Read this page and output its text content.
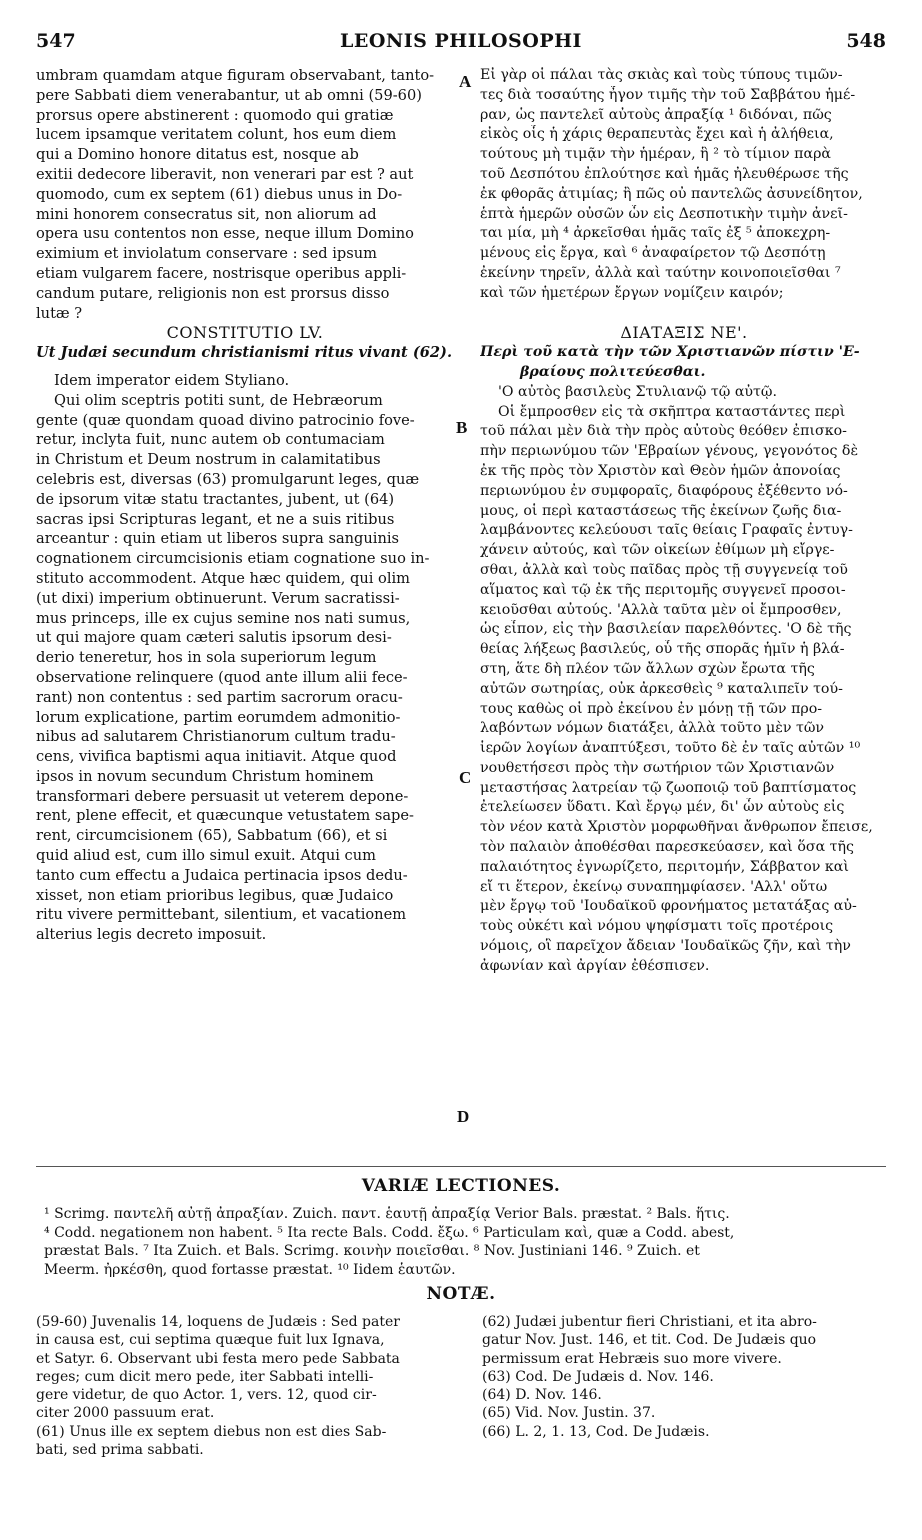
547	LEONIS PHILOSOPHI	548
A
B
C
D
umbram quamdam atque figuram observabant, tanto-
pere Sabbati diem venerabantur, ut ab omni (59-60)
prorsus opere abstinerent : quomodo qui gratiæ
lucem ipsamque veritatem colunt, hos eum diem
qui a Domino honore ditatus est, nosque ab
exitii dedecore liberavit, non venerari par est ? aut
quomodo, cum ex septem (61) diebus unus in Do-
mini honorem consecratus sit, non aliorum ad
opera usu contentos non esse, neque illum Domino
eximium et inviolatum conservare : sed ipsum
etiam vulgarem facere, nostrisque operibus appli-
candum putare, religionis non est prorsus disso
lutæ ?
CONSTITUTIO LV.
Ut Judæi secundum christianismi ritus vivant (62).
Idem imperator eidem Styliano.
Qui olim sceptris potiti sunt, de Hebræorum
gente (quæ quondam quoad divino patrocinio fove-
retur, inclyta fuit, nunc autem ob contumaciam
in Christum et Deum nostrum in calamitatibus
celebris est, diversas (63) promulgarunt leges, quæ
de ipsorum vitæ statu tractantes, jubent, ut (64)
sacras ipsi Scripturas legant, et ne a suis ritibus
arceantur : quin etiam ut liberos supra sanguinis
cognationem circumcisionis etiam cognatione suo in-
stituto accommodent. Atque hæc quidem, qui olim
(ut dixi) imperium obtinuerunt. Verum sacratissi-
mus princeps, ille ex cujus semine nos nati sumus,
ut qui majore quam cæteri salutis ipsorum desi-
derio teneretur, hos in sola superiorum legum
observatione relinquere (quod ante illum alii fece-
rant) non contentus : sed partim sacrorum oracu-
lorum explicatione, partim eorumdem admonitio-
nibus ad salutarem Christianorum cultum tradu-
cens, vivifica baptismi aqua initiavit. Atque quod
ipsos in novum secundum Christum hominem
transformari debere persuasit ut veterem depone-
rent, plene effecit, et quæcunque vetustatem sape-
rent, circumcisionem (65), Sabbatum (66), et si
quid aliud est, cum illo simul exuit. Atqui cum
tanto cum effectu a Judaica pertinacia ipsos dedu-
xisset, non etiam prioribus legibus, quæ Judaico
ritu vivere permittebant, silentium, et vacationem
alterius legis decreto imposuit.
Εἰ γὰρ οἱ πάλαι τὰς σκιὰς καὶ τοὺς τύπους τιμῶν-
τες διὰ τοσαύτης ἦγον τιμῆς τὴν τοῦ Σαββάτου ἡμέ-
ραν, ὡς παντελεῖ αὐτοὺς ἀπραξίᾳ ¹ διδόναι, πῶς
εἰκὸς οἷς ἡ χάρις θεραπευτὰς ἔχει καὶ ἡ ἀλήθεια,
τούτους μὴ τιμᾷν τὴν ἡμέραν, ἣ ² τὸ τίμιον παρὰ
τοῦ Δεσπότου ἐπλούτησε καὶ ἡμᾶς ἠλευθέρωσε τῆς
ἐκ φθορᾶς ἀτιμίας; ἢ πῶς οὐ παντελῶς ἀσυνείδητον,
ἑπτὰ ἡμερῶν οὐσῶν ὧν εἰς Δεσποτικὴν τιμὴν ἀνεῖ-
ται μία, μὴ ⁴ ἀρκεῖσθαι ἡμᾶς ταῖς ἐξ ⁵ ἀποκεχρη-
μένους εἰς ἔργα, καὶ ⁶ ἀναφαίρετον τῷ Δεσπότῃ
ἐκείνην τηρεῖν, ἀλλὰ καὶ ταύτην κοινοποιεῖσθαι ⁷
καὶ τῶν ἡμετέρων ἔργων νομίζειν καιρόν;
ΔΙΑΤΑΞΙΣ ΝΕ'.
Περὶ τοῦ κατὰ τὴν τῶν Χριστιανῶν πίστιν 'Ε-
βραίους πολιτεύεσθαι.
'Ο αὐτὸς βασιλεὺς Στυλιανῷ τῷ αὐτῷ.
Οἱ ἔμπροσθεν εἰς τὰ σκῆπτρα καταστάντες περὶ
τοῦ πάλαι μὲν διὰ τὴν πρὸς αὐτοὺς θεόθεν ἐπισκο-
πὴν περιωνύμου τῶν 'Εβραίων γένους, γεγονότος δὲ
ἐκ τῆς πρὸς τὸν Χριστὸν καὶ Θεὸν ἡμῶν ἀπονοίας
περιωνύμου ἐν συμφοραῖς, διαφόρους ἐξέθεντο νό-
μους, οἱ περὶ καταστάσεως τῆς ἐκείνων ζωῆς δια-
λαμβάνοντες κελεύουσι ταῖς θείαις Γραφαῖς ἐντυγ-
χάνειν αὐτούς, καὶ τῶν οἰκείων ἐθίμων μὴ εἴργε-
σθαι, ἀλλὰ καὶ τοὺς παῖδας πρὸς τῇ συγγενείᾳ τοῦ
αἵματος καὶ τῷ ἐκ τῆς περιτομῆς συγγενεῖ προσοι-
κειοῦσθαι αὐτούς. 'Αλλὰ ταῦτα μὲν οἱ ἔμπροσθεν,
ὡς εἶπον, εἰς τὴν βασιλείαν παρελθόντες. 'Ο δὲ τῆς
θείας λήξεως βασιλεύς, οὗ τῆς σπορᾶς ἡμῖν ἡ βλά-
στη, ἅτε δὴ πλέον τῶν ἄλλων σχὼν ἔρωτα τῆς
αὐτῶν σωτηρίας, οὐκ ἀρκεσθεὶς ⁹ καταλιπεῖν τού-
τους καθὼς οἱ πρὸ ἐκείνου ἐν μόνῃ τῇ τῶν προ-
λαβόντων νόμων διατάξει, ἀλλὰ τοῦτο μὲν τῶν
ἱερῶν λογίων ἀναπτύξεσι, τοῦτο δὲ ἐν ταῖς αὐτῶν ¹⁰
νουθετήσεσι πρὸς τὴν σωτήριον τῶν Χριστιανῶν
μεταστήσας λατρείαν τῷ ζωοποιῷ τοῦ βαπτίσματος
ἐτελείωσεν ὕδατι. Καὶ ἔργῳ μέν, δι' ὧν αὐτοὺς εἰς
τὸν νέον κατὰ Χριστὸν μορφωθῆναι ἄνθρωπον ἔπεισε,
τὸν παλαιὸν ἀποθέσθαι παρεσκεύασεν, καὶ ὅσα τῆς
παλαιότητος ἐγνωρίζετο, περιτομήν, Σάββατον καὶ
εἴ τι ἕτερον, ἐκείνῳ συναπημφίασεν. 'Αλλ' οὕτω
μὲν ἔργῳ τοῦ 'Ιουδαϊκοῦ φρονήματος μετατάξας αὐ-
τοὺς οὐκέτι καὶ νόμου ψηφίσματι τοῖς προτέροις
νόμοις, οἳ παρεῖχον ἄδειαν 'Ιουδαϊκῶς ζῆν, καὶ τὴν
ἀφωνίαν καὶ ἀργίαν ἐθέσπισεν.
VARIÆ LECTIONES.
¹ Scrimg. παντελῆ αὐτῇ ἀπραξίαν. Zuich. παντ. ἑαυτῇ ἀπραξίᾳ Verior Bals. præstat. ² Bals. ἥτις.
⁴ Codd. negationem non habent. ⁵ Ita recte Bals. Codd. ἔξω. ⁶ Particulam καὶ, quæ a Codd. abest,
præstat Bals. ⁷ Ita Zuich. et Bals. Scrimg. κοινὴν ποιεῖσθαι. ⁸ Nov. Justiniani 146. ⁹ Zuich. et
Meerm. ἠρκέσθη, quod fortasse præstat. ¹⁰ Iidem ἑαυτῶν.
NOTÆ.
(59-60) Juvenalis 14, loquens de Judæis : Sed pater
in causa est, cui septima quæque fuit lux Ignava,
et Satyr. 6. Observant ubi festa mero pede Sabbata
reges; cum dicit mero pede, iter Sabbati intelli-
gere videtur, de quo Actor. 1, vers. 12, quod cir-
citer 2000 passuum erat.
(61) Unus ille ex septem diebus non est dies Sab-
bati, sed prima sabbati.
(62) Judæi jubentur fieri Christiani, et ita abro-
gatur Nov. Just. 146, et tit. Cod. De Judæis quo
permissum erat Hebræis suo more vivere.
(63) Cod. De Judæis d. Nov. 146.
(64) D. Nov. 146.
(65) Vid. Nov. Justin. 37.
(66) L. 2, 1. 13, Cod. De Judæis.
